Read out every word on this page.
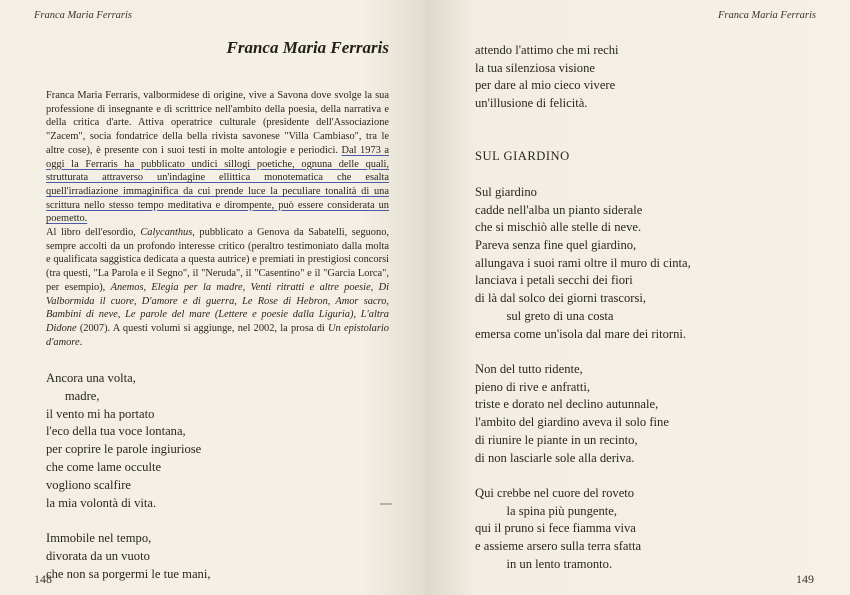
Franca Maria Ferraris
Franca Maria Ferraris

Franca Maria Ferraris, valbormidese di origine, vive a Savona dove svolge la sua professione di insegnante e di scrittrice nell'ambito della poesia, della narrativa e della critica d'arte. Attiva operatrice culturale (presidente dell'Associazione "Zacem", socia fondatrice della bella rivista savonese "Villa Cambiaso", tra le altre cose), è presente con i suoi testi in molte antologie e periodici. Dal 1973 a oggi la Ferraris ha pubblicato undici sillogi poetiche, ognuna delle quali, strutturata attraverso un'indagine ellittica monotematica che esalta quell'irradiazione immaginifica da cui prende luce la peculiare tonalità di una scrittura nello stesso tempo meditativa e dirompente, può essere considerata un poemetto.

Al libro dell'esordio, Calycanthus, pubblicato a Genova da Sabatelli, seguono, sempre accolti da un profondo interesse critico (peraltro testimoniato dalla molta e qualificata saggistica dedicata a questa autrice) e premiati in prestigiosi concorsi (tra questi, "La Parola e il Segno", il "Neruda", il "Casentino" e il "Garcia Lorca", per esempio), Anemos, Elegia per la madre, Venti ritratti e altre poesie, Di Valbormida il cuore, D'amore e di guerra, Le Rose di Hebron, Amor sacro, Bambini di neve, Le parole del mare (Lettere e poesie dalla Liguria), L'altra Didone (2007). A questi volumi si aggiunge, nel 2002, la prosa di Un epistolario d'amore.

Ancora una volta,
madre,
il vento mi ha portato
l'eco della tua voce lontana,
per coprire le parole ingiuriose
che come lame occulte
vogliono scalfire
la mia volontà di vita.
Immobile nel tempo,
divorata da un vuoto
che non sa porgermi le tue mani,
148
Franca Maria Ferraris
attendo l'attimo che mi rechi
la tua silenziosa visione
per dare al mio cieco vivere
un'illusione di felicità.
SUL GIARDINO
Sul giardino
cadde nell'alba un pianto siderale
che si mischiò alle stelle di neve.
Pareva senza fine quel giardino,
allungava i suoi rami oltre il muro di cinta,
lanciava i petali secchi dei fiori
di là dal solco dei giorni trascorsi,
sul greto di una costa
emersa come un'isola dal mare dei ritorni.
Non del tutto ridente,
pieno di rive e anfratti,
triste e dorato nel declino autunnale,
l'ambito del giardino aveva il solo fine
di riunire le piante in un recinto,
di non lasciarle sole alla deriva.
Qui crebbe nel cuore del roveto
la spina più pungente,
qui il pruno si fece fiamma viva
e assieme arsero sulla terra sfatta
in un lento tramonto.
149
